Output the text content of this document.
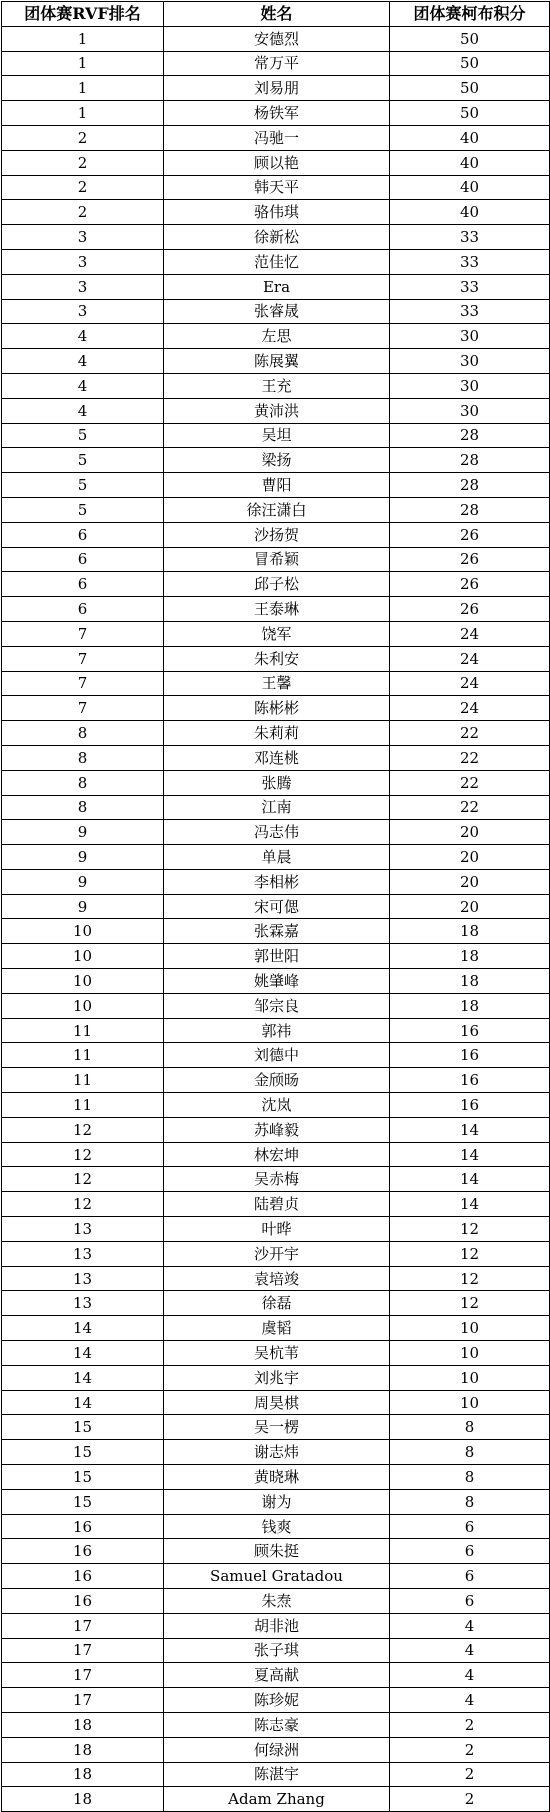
团体赛RVF排名	姓名	团体赛柯布积分
1	安德烈	50
1	常万平	50
1	刘易朋	50
1	杨铁军	50
2	冯驰一	40
2	顾以艳	40
2	韩天平	40
2	骆伟琪	40
3	徐新松	33
3	范佳忆	33
3	Era	33
3	张睿晟	33
4	左思	30
4	陈展翼	30
4	王充	30
4	黄沛洪	30
5	吴坦	28
5	梁扬	28
5	曹阳	28
5	徐汪潇白	28
6	沙扬贺	26
6	冒希颖	26
6	邱子松	26
6	王泰琳	26
7	饶军	24
7	朱利安	24
7	王馨	24
7	陈彬彬	24
8	朱莉莉	22
8	邓连桃	22
8	张腾	22
8	江南	22
9	冯志伟	20
9	单晨	20
9	李相彬	20
9	宋可偲	20
10	张霖嘉	18
10	郭世阳	18
10	姚肇峰	18
10	邹宗良	18
11	郭祎	16
11	刘德中	16
11	金颀旸	16
11	沈岚	16
12	苏峰毅	14
12	林宏坤	14
12	吴赤梅	14
12	陆碧贞	14
13	叶晔	12
13	沙开宇	12
13	袁培竣	12
13	徐磊	12
14	虞韬	10
14	吴杭苇	10
14	刘兆宇	10
14	周昊棋	10
15	吴一楞	8
15	谢志炜	8
15	黄晓琳	8
15	谢为	8
16	钱爽	6
16	顾朱挺	6
16	Samuel Gratadou	6
16	朱焘	6
17	胡非池	4
17	张子琪	4
17	夏高献	4
17	陈珍妮	4
18	陈志豪	2
18	何绿洲	2
18	陈湛宇	2
18	Adam Zhang	2
